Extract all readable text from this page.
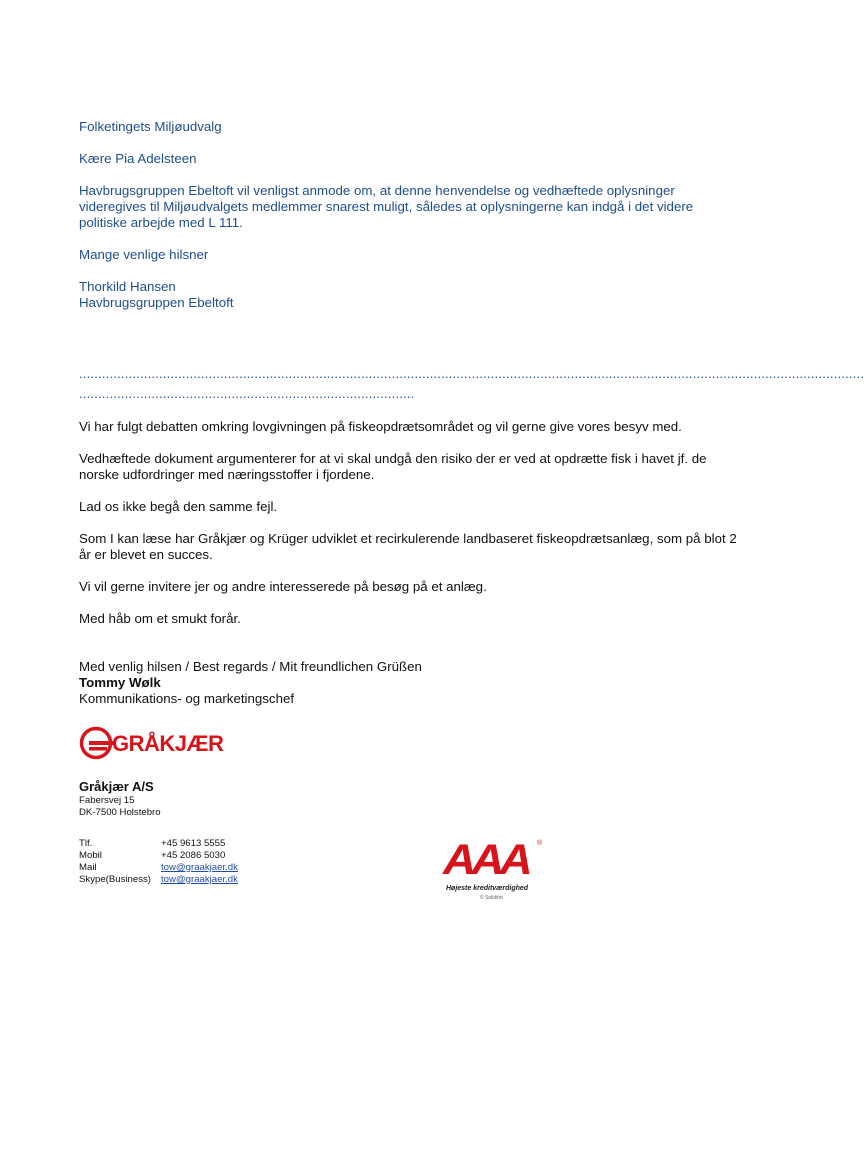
Folketingets Miljøudvalg

Kære Pia Adelsteen

Havbrugsgruppen Ebeltoft vil venligst anmode om, at denne henvendelse og vedhæftede oplysninger videregives til Miljøudvalgets medlemmer snarest muligt, således at oplysningerne kan indgå i det videre politiske arbejde med L 111.

Mange venlige hilsner

Thorkild Hansen

Havbrugsgruppen Ebeltoft

..............................................................................................................................................................................................................
........................................................................................

Vi har fulgt debatten omkring lovgivningen på fiskeopdrætsområdet og vil gerne give vores besyv med.

Vedhæftede dokument argumenterer for at vi skal undgå den risiko der er ved at opdrætte fisk i havet jf. de norske udfordringer med næringsstoffer i fjordene.

Lad os ikke begå den samme fejl.

Som I kan læse har Gråkjær og Krüger udviklet et recirkulerende landbaseret fiskeopdrætsanlæg, som på blot 2 år er blevet en succes.

Vi vil gerne invitere jer og andre interesserede på besøg på et anlæg.

Med håb om et smukt forår.

Med venlig hilsen / Best regards / Mit freundlichen Grüßen

Tommy Wølk

Kommunikations- og marketingschef

GRÅKJÆR

Gråkjær A/S

Fabersvej 15

DK-7500 Holstebro

Tlf.	+45 9613 5555
Mobil	+45 2086 5030
Mail	tow@graakjaer.dk
Skype(Business)	tow@graakjaer.dk	AAA ®
Højeste kreditværdighed
© Soliditet
